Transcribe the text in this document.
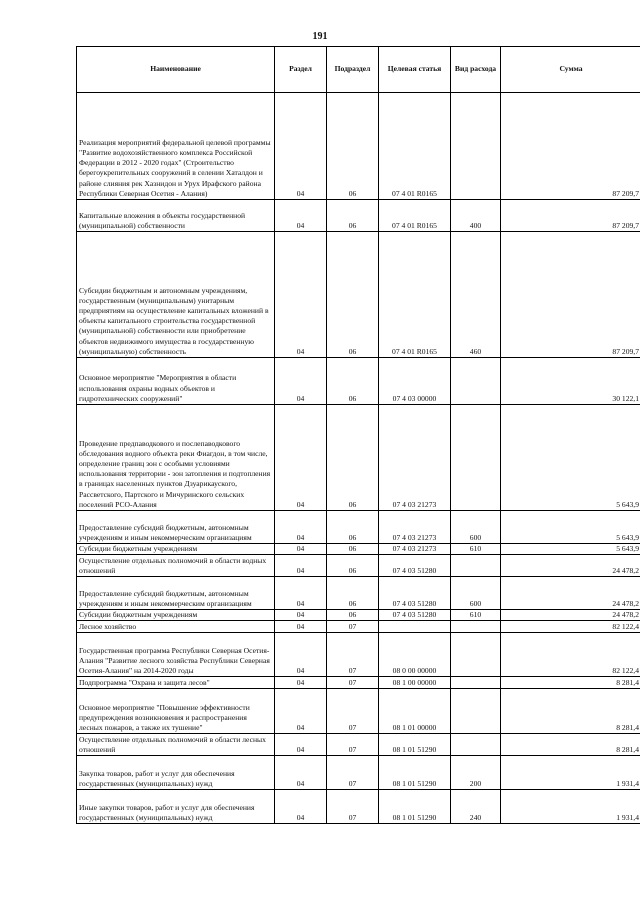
191
Наименование	Раздел	Подраздел	Целевая статья	Вид расхода	Сумма
Реализация мероприятий федеральной целевой программы "Развитие водохозяйственного комплекса Российской Федерации в 2012 - 2020 годах" (Строительство берегоукрепительных сооружений в селении Хаталдон и районе слияния рек Хазнидон и Урух Ирафского района Республики Северная Осетия - Алания)	04	06	07 4 01 R0165		87 209,7
Капитальные вложения в объекты государственной (муниципальной) собственности	04	06	07 4 01 R0165	400	87 209,7
Субсидии бюджетным и автономным учреждениям, государственным (муниципальным) унитарным предприятиям на осуществление капитальных вложений в объекты капитального строительства государственной (муниципальной) собственности или приобретение объектов недвижимого имущества в государственную (муниципальную) собственность	04	06	07 4 01 R0165	460	87 209,7
Основное мероприятие "Мероприятия в области использования охраны водных объектов и гидротехнических сооружений"	04	06	07 4 03 00000		30 122,1
Проведение предпаводкового и послепаводкового обследования водного объекта реки Фиагдон, в том числе, определение границ зон с особыми условиями использования территории - зон затопления и подтопления в границах населенных пунктов Дзуарикауского, Рассветского, Партского и Мичуринского сельских поселений РСО-Алания	04	06	07 4 03 21273		5 643,9
Предоставление субсидий бюджетным, автономным учреждениям и иным некоммерческим организациям	04	06	07 4 03 21273	600	5 643,9
Субсидии бюджетным учреждениям	04	06	07 4 03 21273	610	5 643,9
Осуществление отдельных полномочий в области водных отношений	04	06	07 4 03 51280		24 478,2
Предоставление субсидий бюджетным, автономным учреждениям и иным некоммерческим организациям	04	06	07 4 03 51280	600	24 478,2
Субсидии бюджетным учреждениям	04	06	07 4 03 51280	610	24 478,2
Лесное хозяйство	04	07			82 122,4
Государственная программа Республики Северная Осетия-Алания "Развитие лесного хозяйства Республики Северная Осетия-Алания" на 2014-2020 годы	04	07	08 0 00 00000		82 122,4
Подпрограмма "Охрана и защита лесов"	04	07	08 1 00 00000		8 281,4
Основное мероприятие "Повышение эффективности предупреждения возникновения и распространения лесных пожаров, а также их тушение"	04	07	08 1 01 00000		8 281,4
Осуществление отдельных полномочий в области лесных отношений	04	07	08 1 01 51290		8 281,4
Закупка товаров, работ и услуг для обеспечения государственных (муниципальных) нужд	04	07	08 1 01 51290	200	1 931,4
Иные закупки товаров, работ и услуг для обеспечения государственных (муниципальных) нужд	04	07	08 1 01 51290	240	1 931,4
